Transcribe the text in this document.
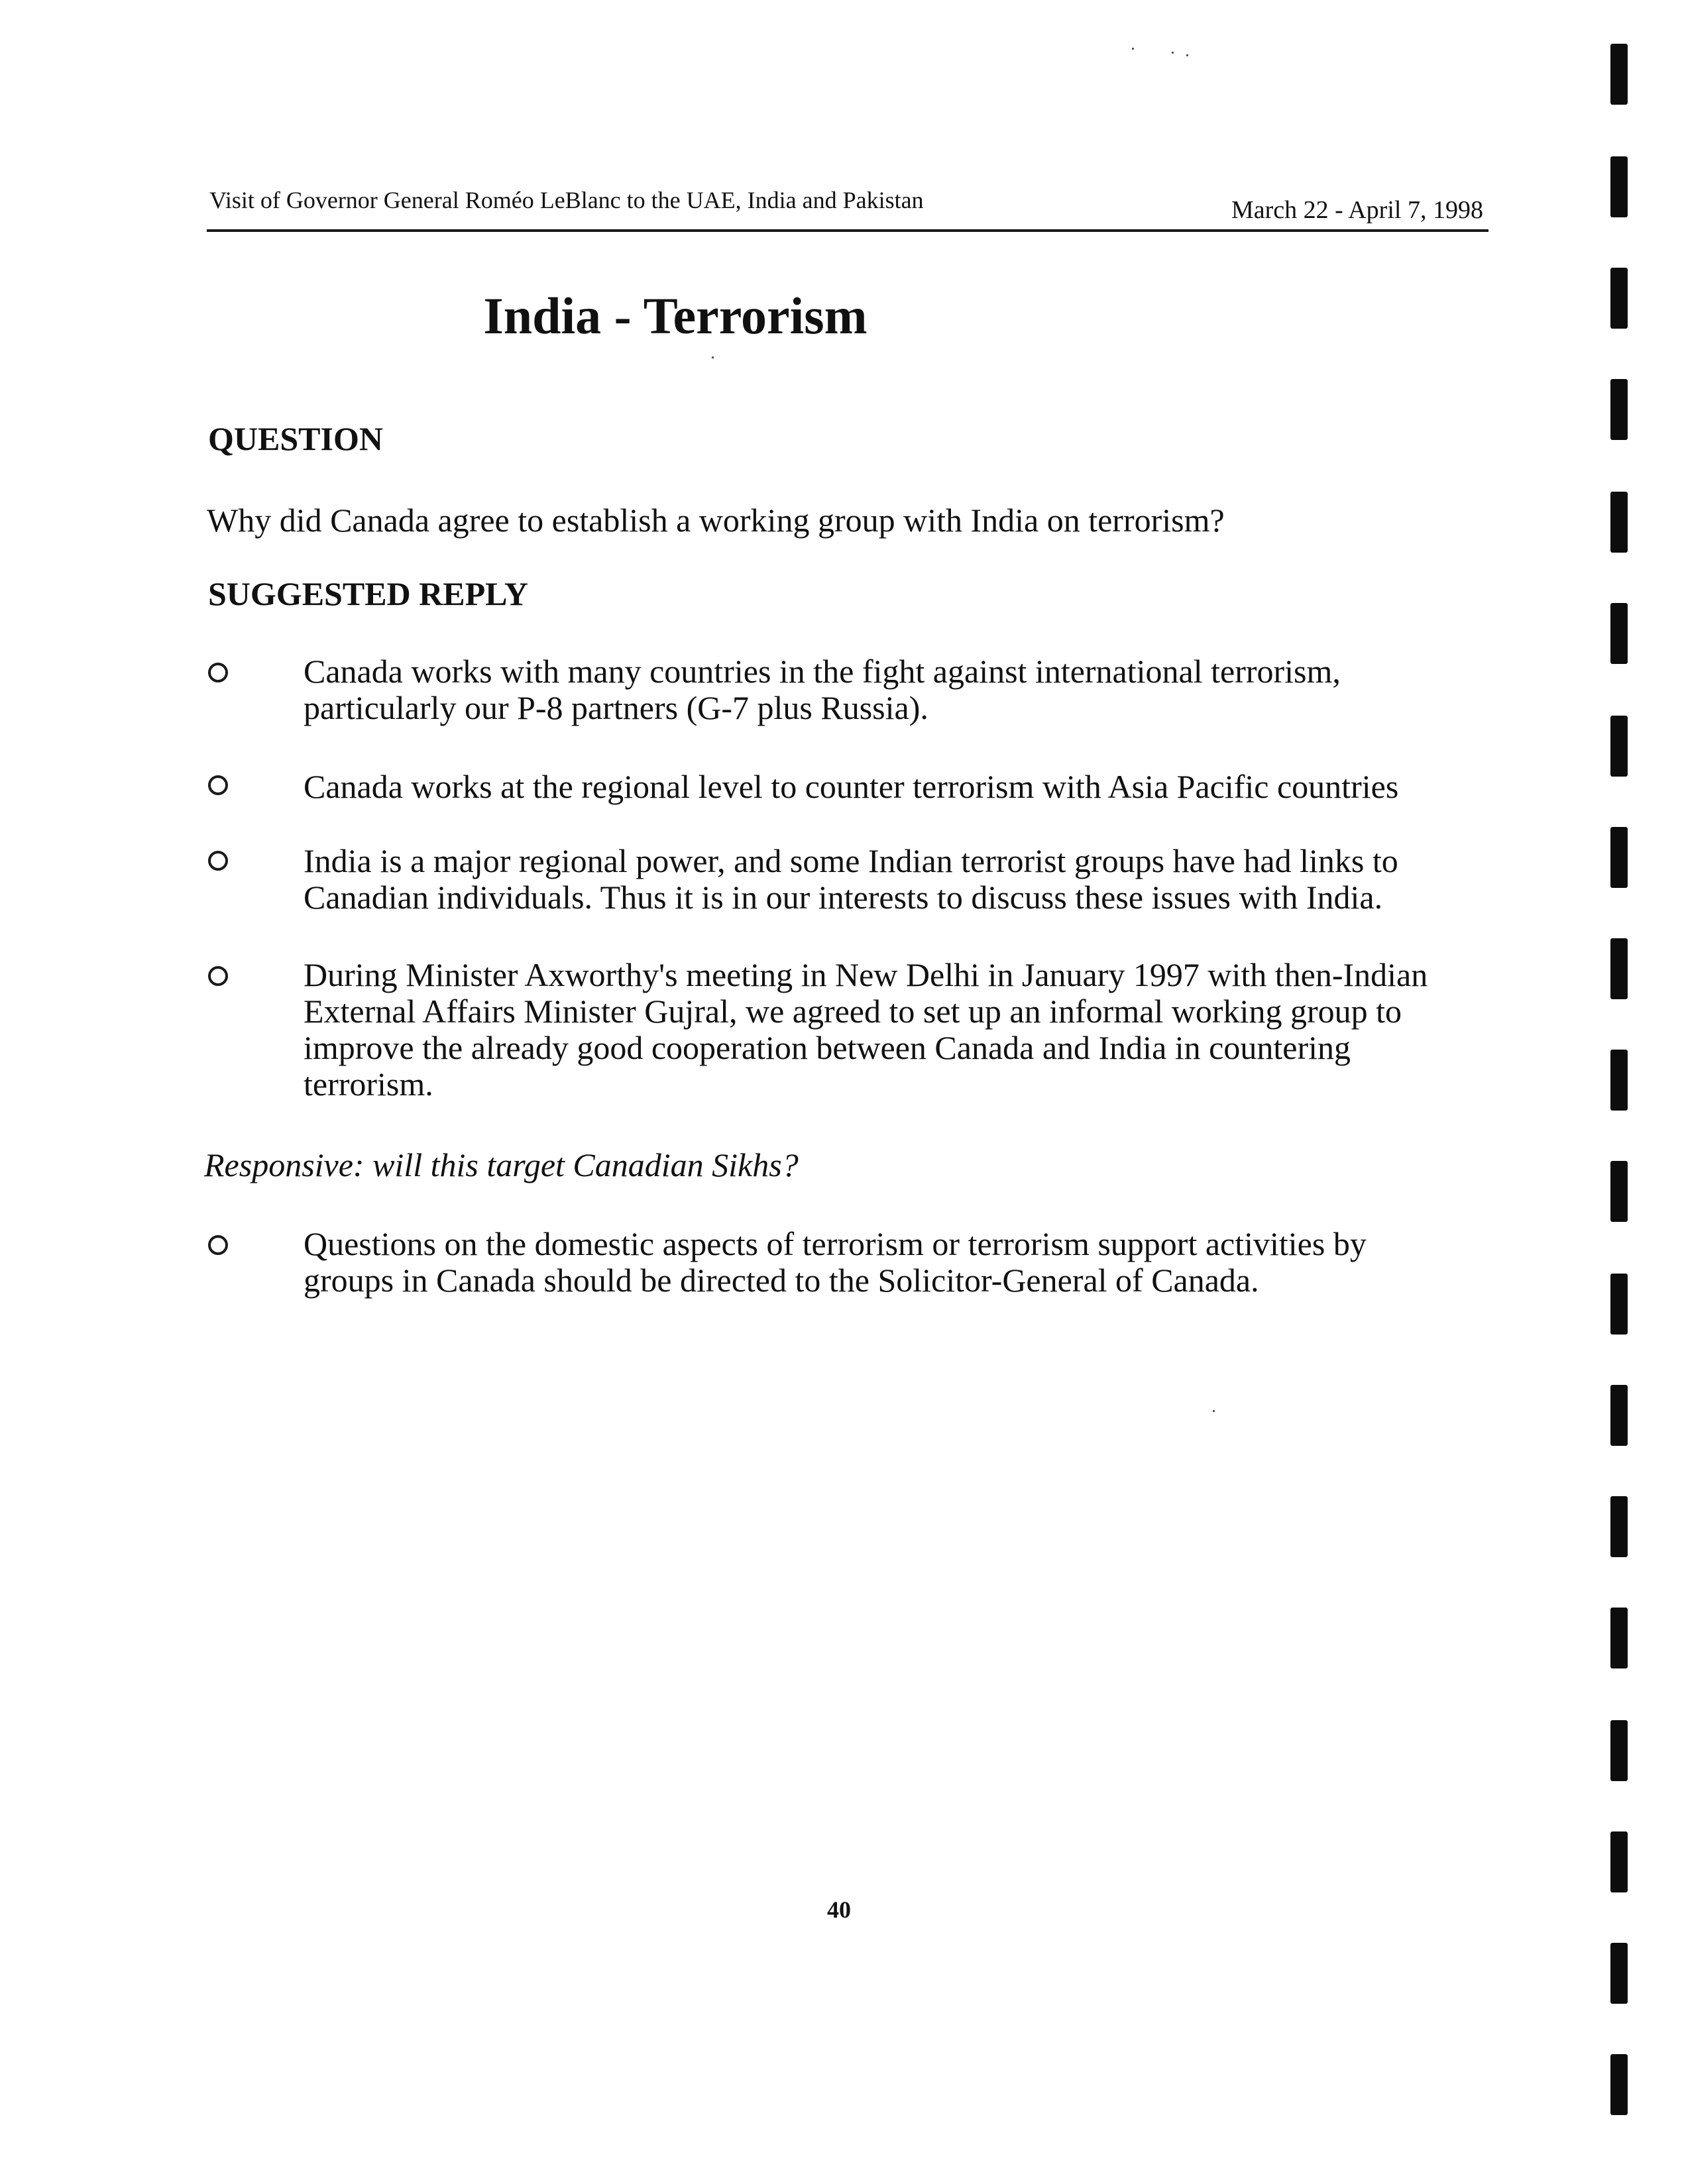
Visit of Governor General Roméo LeBlanc to the UAE, India and Pakistan	March 22 - April 7, 1998
India - Terrorism
QUESTION
Why did Canada agree to establish a working group with India on terrorism?
SUGGESTED REPLY
Canada works with many countries in the fight against international terrorism,
particularly our P-8 partners (G-7 plus Russia).
Canada works at the regional level to counter terrorism with Asia Pacific countries
India is a major regional power, and some Indian terrorist groups have had links to
Canadian individuals. Thus it is in our interests to discuss these issues with India.
During Minister Axworthy's meeting in New Delhi in January 1997 with then-Indian
External Affairs Minister Gujral, we agreed to set up an informal working group to
improve the already good cooperation between Canada and India in countering
terrorism.
Responsive: will this target Canadian Sikhs?
Questions on the domestic aspects of terrorism or terrorism support activities by
groups in Canada should be directed to the Solicitor-General of Canada.
40
